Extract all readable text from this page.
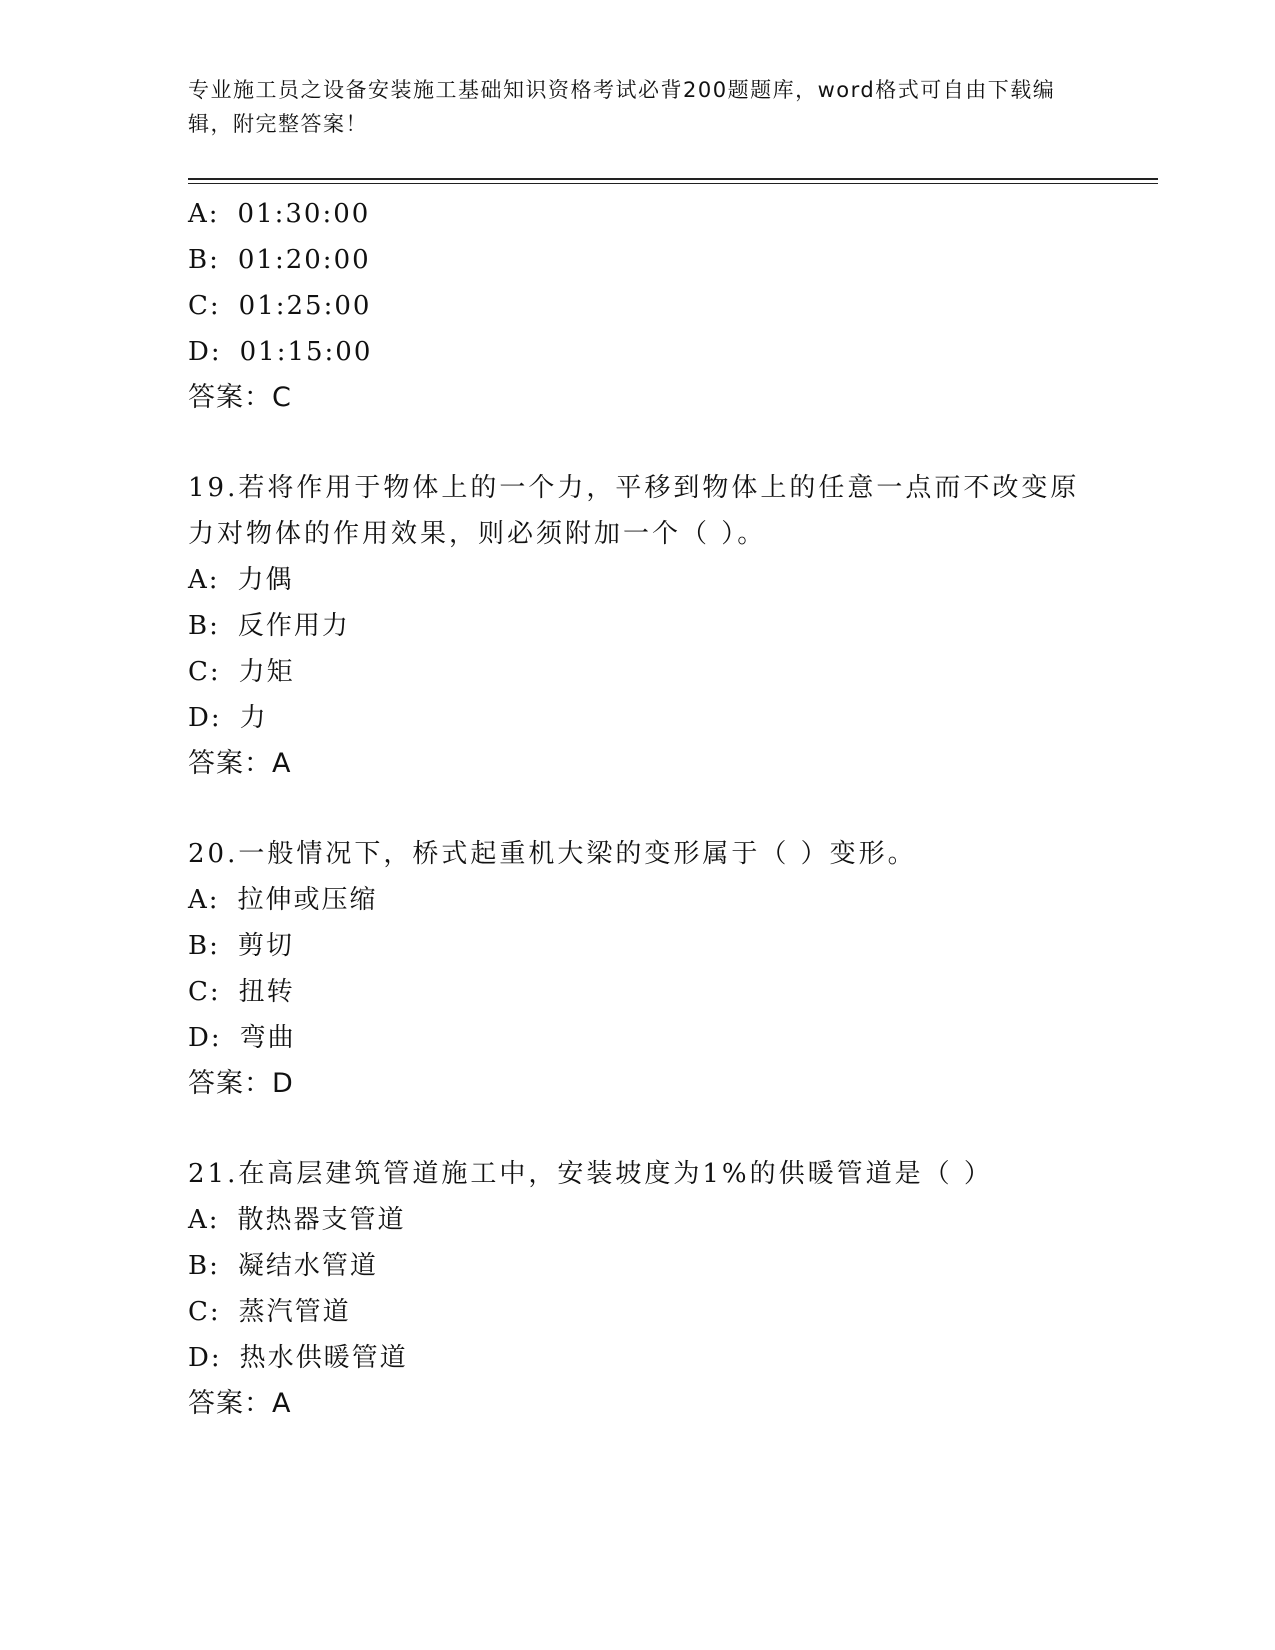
专业施工员之设备安装施工基础知识资格考试必背200题题库，word格式可自由下载编辑，附完整答案！
A: 01:30:00
B: 01:20:00
C: 01:25:00
D: 01:15:00
答案：C
19.若将作用于物体上的一个力，平移到物体上的任意一点而不改变原
力对物体的作用效果，则必须附加一个（ ）。
A: 力偶
B: 反作用力
C: 力矩
D: 力
答案：A
20.一般情况下，桥式起重机大梁的变形属于（ ）变形。
A: 拉伸或压缩
B: 剪切
C: 扭转
D: 弯曲
答案：D
21.在高层建筑管道施工中，安装坡度为1%的供暖管道是（ ）
A: 散热器支管道
B: 凝结水管道
C: 蒸汽管道
D: 热水供暖管道
答案：A
